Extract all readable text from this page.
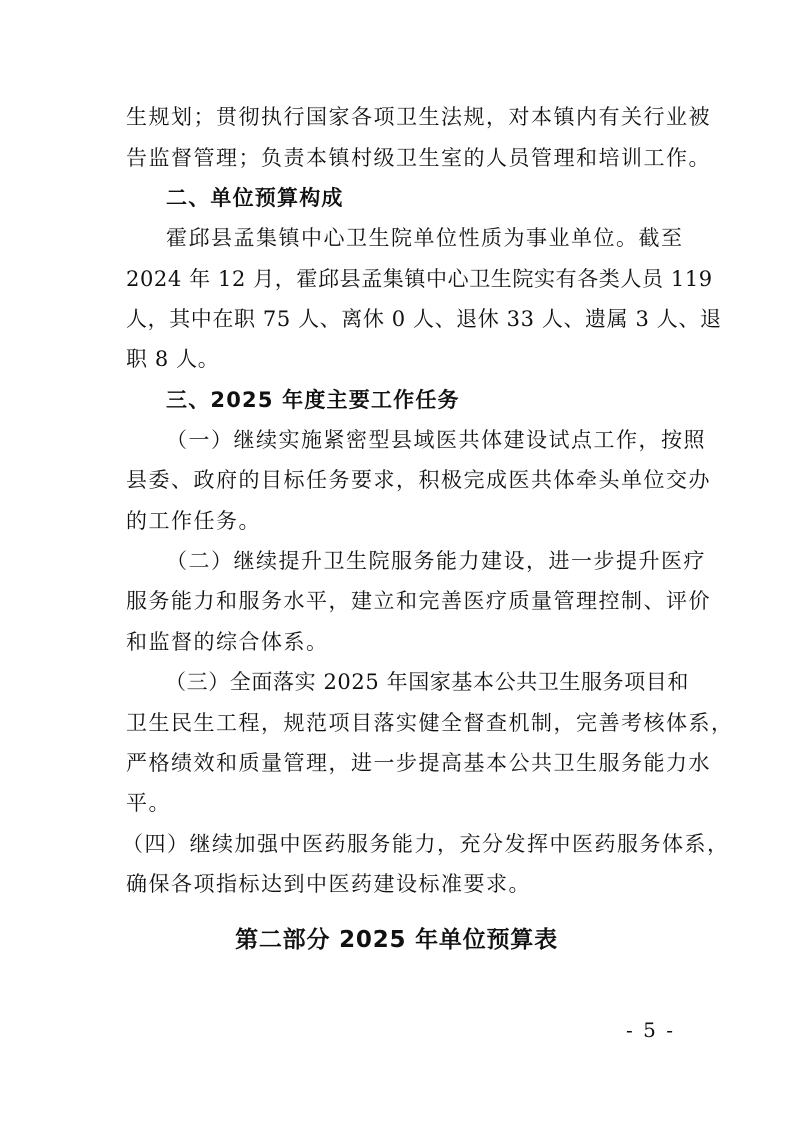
生规划；贯彻执行国家各项卫生法规，对本镇内有关行业被
告监督管理；负责本镇村级卫生室的人员管理和培训工作。
二、单位预算构成
霍邱县孟集镇中心卫生院单位性质为事业单位。截至
2024 年 12 月，霍邱县孟集镇中心卫生院实有各类人员 119
人，其中在职 75 人、离休 0 人、退休 33 人、遗属 3 人、退
职 8 人。
三、2025 年度主要工作任务
（一）继续实施紧密型县域医共体建设试点工作，按照
县委、政府的目标任务要求，积极完成医共体牵头单位交办
的工作任务。
（二）继续提升卫生院服务能力建设，进一步提升医疗
服务能力和服务水平，建立和完善医疗质量管理控制、评价
和监督的综合体系。
（三）全面落实 2025 年国家基本公共卫生服务项目和
卫生民生工程，规范项目落实健全督查机制，完善考核体系，
严格绩效和质量管理，进一步提高基本公共卫生服务能力水
平。
（四）继续加强中医药服务能力，充分发挥中医药服务体系，
确保各项指标达到中医药建设标准要求。
第二部分 2025 年单位预算表
- 5 -
